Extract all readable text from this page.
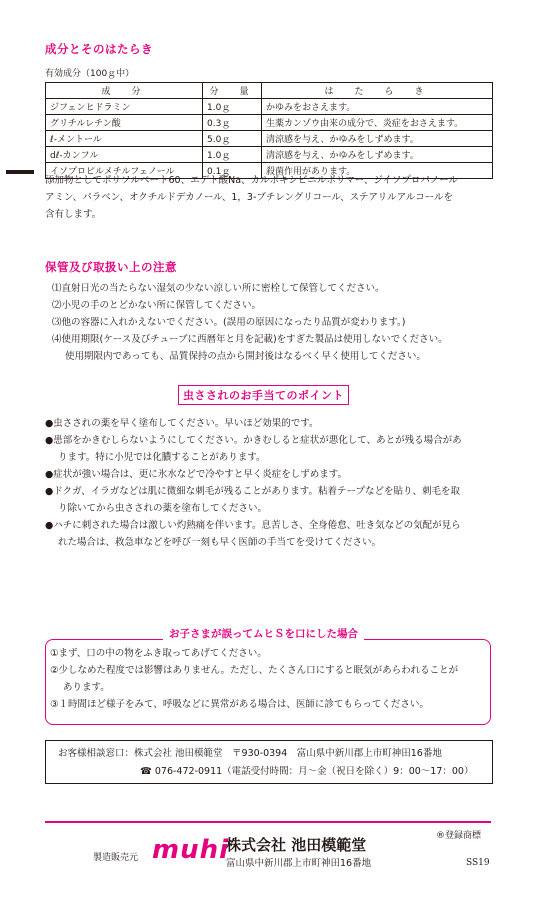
成分とそのはたらき
有効成分（100ｇ中）
成　分	分　量	は　た　ら　き
ジフェンヒドラミン	1.0ｇ	かゆみをおさえます。
グリチルレチン酸	0.3ｇ	生薬カンゾウ由来の成分で、炎症をおさえます。
ℓ-メントール	5.0ｇ	清涼感を与え、かゆみをしずめます。
dℓ-カンフル	1.0ｇ	清涼感を与え、かゆみをしずめます。
イソプロピルメチルフェノール	0.1ｇ	殺菌作用があります。
添加物としてポリソルベート60、エデト酸Na、カルボキシビニルポリマー、ジイソプロパノール
アミン、パラベン、オクチルドデカノール、1，3-ブチレングリコール、ステアリルアルコールを
含有します。
保管及び取扱い上の注意
⑴直射日光の当たらない湿気の少ない涼しい所に密栓して保管してください。
⑵小児の手のとどかない所に保管してください。
⑶他の容器に入れかえないでください。(誤用の原因になったり品質が変わります。)
⑷使用期限(ケース及びチューブに西暦年と月を記載)をすぎた製品は使用しないでください。
使用期限内であっても、品質保持の点から開封後はなるべく早く使用してください。
虫さされのお手当てのポイント
●虫さされの薬を早く塗布してください。早いほど効果的です。
●患部をかきむしらないようにしてください。かきむしると症状が悪化して、あとが残る場合があ
ります。特に小児では化膿することがあります。
●症状が強い場合は、更に氷水などで冷やすと早く炎症をしずめます。
●ドクガ、イラガなどは肌に微細な刺毛が残ることがあります。粘着テープなどを貼り、刺毛を取
り除いてから虫さされの薬を塗布してください。
●ハチに刺された場合は激しい灼熱痛を伴います。息苦しさ、全身倦怠、吐き気などの気配が見ら
れた場合は、救急車などを呼び一刻も早く医師の手当てを受けてください。
お子さまが誤ってムヒＳを口にした場合
①まず、口の中の物をふき取ってあげてください。
②少しなめた程度では影響はありません。ただし、たくさん口にすると眠気があらわれることが
あります。
③１時間ほど様子をみて、呼吸などに異常がある場合は、医師に診てもらってください。
お客様相談窓口：株式会社 池田模範堂　〒930-0394　富山県中新川郡上市町神田16番地
☎ 076-472-0911（電話受付時間：月～金（祝日を除く）9：00～17：00）
®登録商標
製造販売元 muhi
株式会社 池田模範堂
富山県中新川郡上市町神田16番地	SS19
